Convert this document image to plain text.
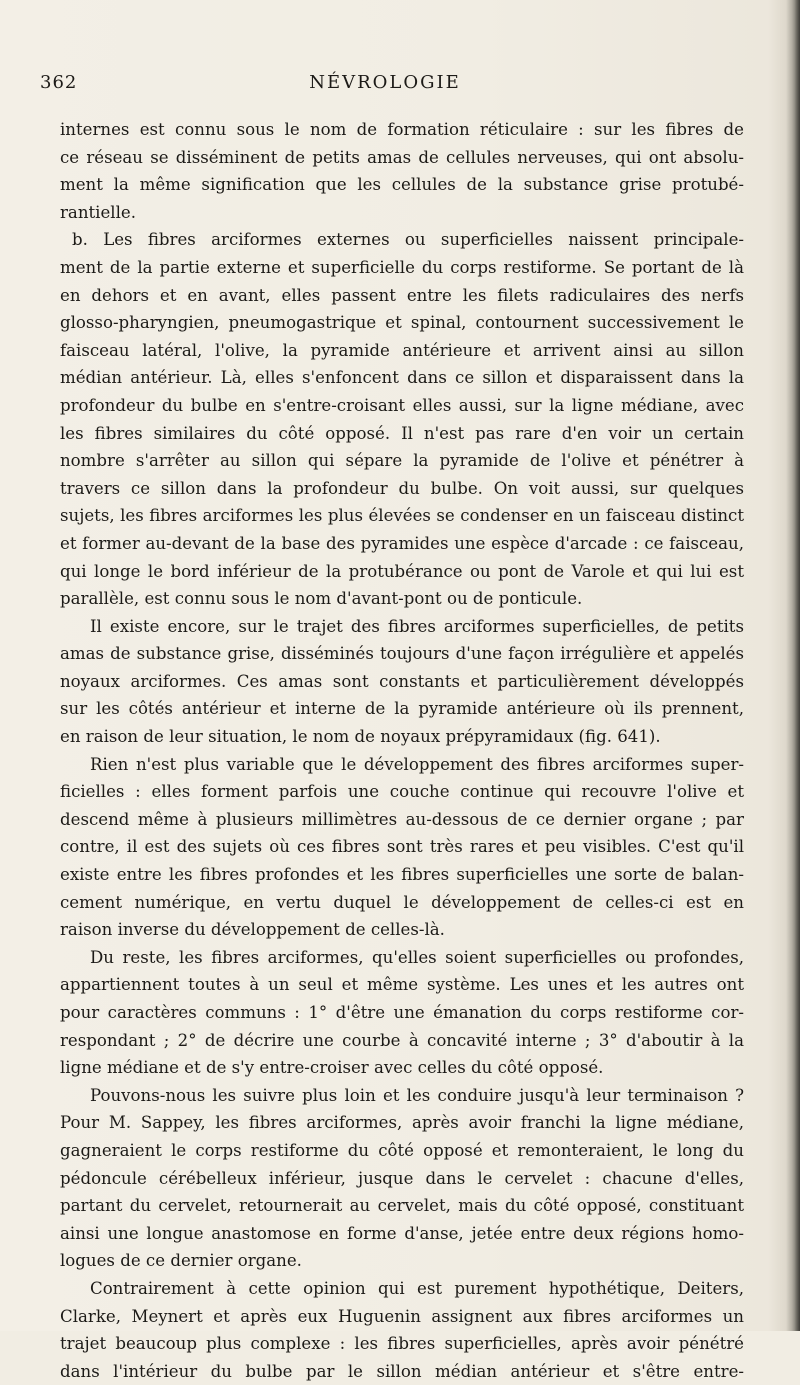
362	NÉVROLOGIE
internes est connu sous le nom de formation réticulaire : sur les fibres de
ce réseau se disséminent de petits amas de cellules nerveuses, qui ont absolu-
ment la même signification que les cellules de la substance grise protubé-
rantielle.
b. Les fibres arciformes externes ou superficielles naissent principale-
ment de la partie externe et superficielle du corps restiforme. Se portant de là
en dehors et en avant, elles passent entre les filets radiculaires des nerfs
glosso-pharyngien, pneumogastrique et spinal, contournent successivement le
faisceau latéral, l'olive, la pyramide antérieure et arrivent ainsi au sillon
médian antérieur. Là, elles s'enfoncent dans ce sillon et disparaissent dans la
profondeur du bulbe en s'entre-croisant elles aussi, sur la ligne médiane, avec
les fibres similaires du côté opposé. Il n'est pas rare d'en voir un certain
nombre s'arrêter au sillon qui sépare la pyramide de l'olive et pénétrer à
travers ce sillon dans la profondeur du bulbe. On voit aussi, sur quelques
sujets, les fibres arciformes les plus élevées se condenser en un faisceau distinct
et former au-devant de la base des pyramides une espèce d'arcade : ce faisceau,
qui longe le bord inférieur de la protubérance ou pont de Varole et qui lui est
parallèle, est connu sous le nom d'avant-pont ou de ponticule.
Il existe encore, sur le trajet des fibres arciformes superficielles, de petits
amas de substance grise, disséminés toujours d'une façon irrégulière et appelés
noyaux arciformes. Ces amas sont constants et particulièrement développés
sur les côtés antérieur et interne de la pyramide antérieure où ils prennent,
en raison de leur situation, le nom de noyaux prépyramidaux (fig. 641).
Rien n'est plus variable que le développement des fibres arciformes super-
ficielles : elles forment parfois une couche continue qui recouvre l'olive et
descend même à plusieurs millimètres au-dessous de ce dernier organe ; par
contre, il est des sujets où ces fibres sont très rares et peu visibles. C'est qu'il
existe entre les fibres profondes et les fibres superficielles une sorte de balan-
cement numérique, en vertu duquel le développement de celles-ci est en
raison inverse du développement de celles-là.
Du reste, les fibres arciformes, qu'elles soient superficielles ou profondes,
appartiennent toutes à un seul et même système. Les unes et les autres ont
pour caractères communs : 1° d'être une émanation du corps restiforme cor-
respondant ; 2° de décrire une courbe à concavité interne ; 3° d'aboutir à la
ligne médiane et de s'y entre-croiser avec celles du côté opposé.
Pouvons-nous les suivre plus loin et les conduire jusqu'à leur terminaison ?
Pour M. Sappey, les fibres arciformes, après avoir franchi la ligne médiane,
gagneraient le corps restiforme du côté opposé et remonteraient, le long du
pédoncule cérébelleux inférieur, jusque dans le cervelet : chacune d'elles,
partant du cervelet, retournerait au cervelet, mais du côté opposé, constituant
ainsi une longue anastomose en forme d'anse, jetée entre deux régions homo-
logues de ce dernier organe.
Contrairement à cette opinion qui est purement hypothétique, Deiters,
Clarke, Meynert et après eux Huguenin assignent aux fibres arciformes un
trajet beaucoup plus complexe : les fibres superficielles, après avoir pénétré
dans l'intérieur du bulbe par le sillon médian antérieur et s'être entre-
